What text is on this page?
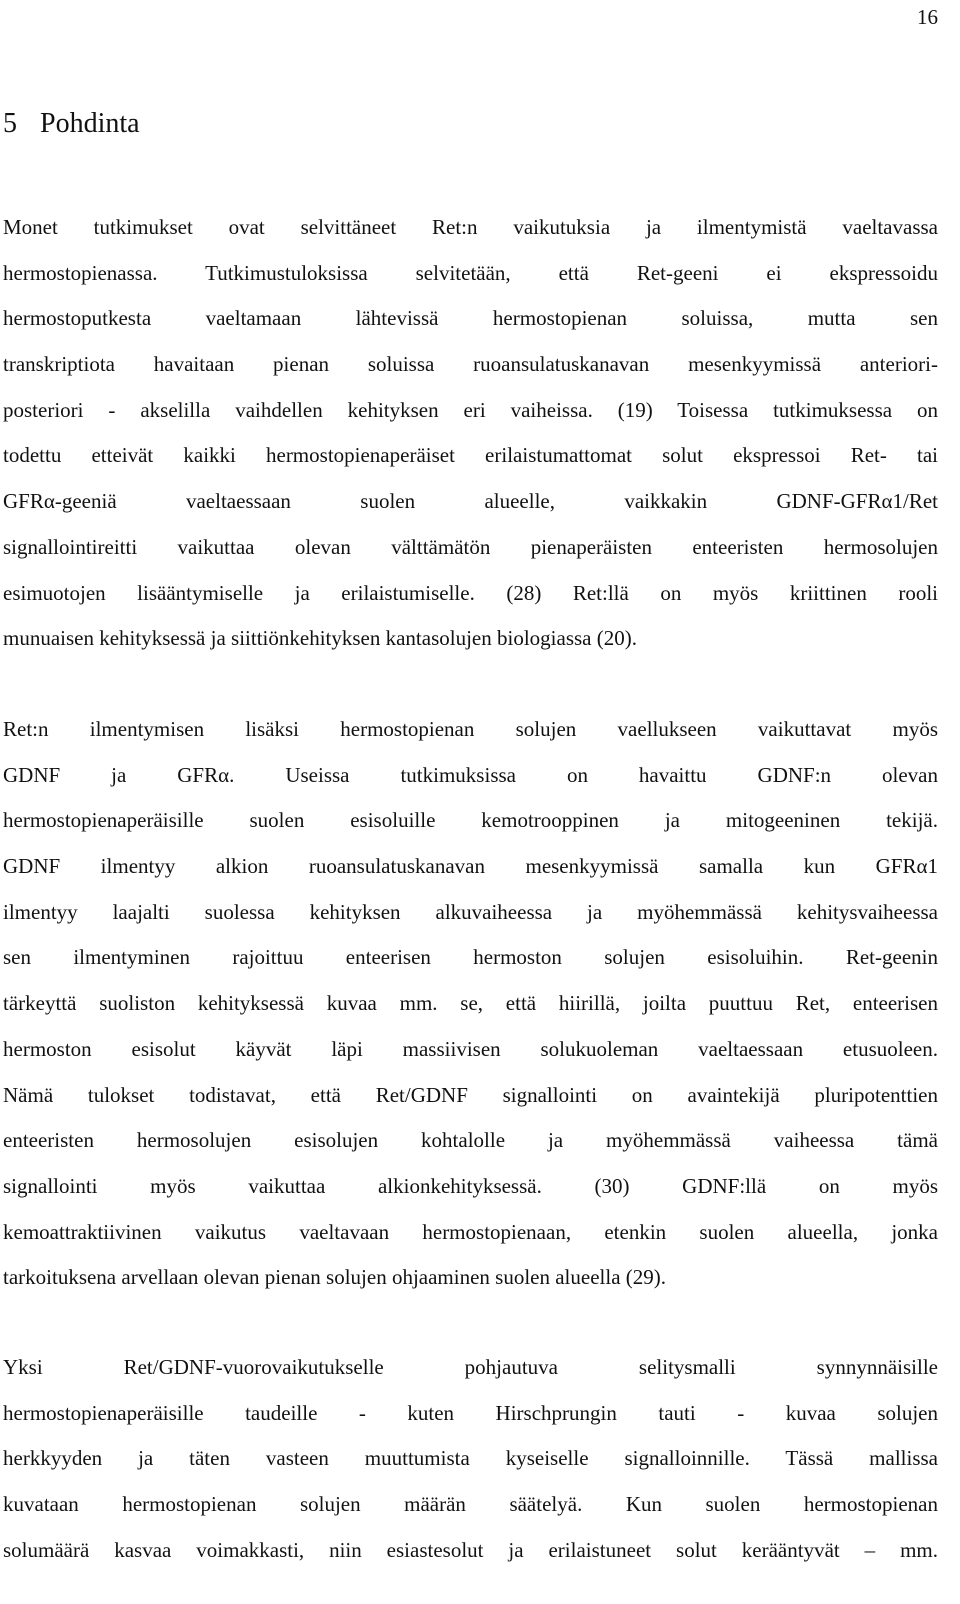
16
5 Pohdinta
Monet tutkimukset ovat selvittäneet Ret:n vaikutuksia ja ilmentymistä vaeltavassa
hermostopienassa. Tutkimustuloksissa selvitetään, että Ret-geeni ei ekspressoidu
hermostoputkesta vaeltamaan lähtevissä hermostopienan soluissa, mutta sen
transkriptiota havaitaan pienan soluissa ruoansulatuskanavan mesenkyymissä anteriori-
posteriori - akselilla vaihdellen kehityksen eri vaiheissa. (19) Toisessa tutkimuksessa on
todettu etteivät kaikki hermostopienaperäiset erilaistumattomat solut ekspressoi Ret- tai
GFRα-geeniä vaeltaessaan suolen alueelle, vaikkakin GDNF-GFRα1/Ret
signallointireitti vaikuttaa olevan välttämätön pienaperäisten enteeristen hermosolujen
esimuotojen lisääntymiselle ja erilaistumiselle. (28) Ret:llä on myös kriittinen rooli
munuaisen kehityksessä ja siittiönkehityksen kantasolujen biologiassa (20).
Ret:n ilmentymisen lisäksi hermostopienan solujen vaellukseen vaikuttavat myös
GDNF ja GFRα. Useissa tutkimuksissa on havaittu GDNF:n olevan
hermostopienaperäisille suolen esisoluille kemotrooppinen ja mitogeeninen tekijä.
GDNF ilmentyy alkion ruoansulatuskanavan mesenkyymissä samalla kun GFRα1
ilmentyy laajalti suolessa kehityksen alkuvaiheessa ja myöhemmässä kehitysvaiheessa
sen ilmentyminen rajoittuu enteerisen hermoston solujen esisoluihin. Ret-geenin
tärkeyttä suoliston kehityksessä kuvaa mm. se, että hiirillä, joilta puuttuu Ret, enteerisen
hermoston esisolut käyvät läpi massiivisen solukuoleman vaeltaessaan etusuoleen.
Nämä tulokset todistavat, että Ret/GDNF signallointi on avaintekijä pluripotenttien
enteeristen hermosolujen esisolujen kohtalolle ja myöhemmässä vaiheessa tämä
signallointi myös vaikuttaa alkionkehityksessä. (30) GDNF:llä on myös
kemoattraktiivinen vaikutus vaeltavaan hermostopienaan, etenkin suolen alueella, jonka
tarkoituksena arvellaan olevan pienan solujen ohjaaminen suolen alueella (29).
Yksi Ret/GDNF-vuorovaikutukselle pohjautuva selitysmalli synnynnäisille
hermostopienaperäisille taudeille - kuten Hirschprungin tauti - kuvaa solujen
herkkyyden ja täten vasteen muuttumista kyseiselle signalloinnille. Tässä mallissa
kuvataan hermostopienan solujen määrän säätelyä. Kun suolen hermostopienan
solumäärä kasvaa voimakkasti, niin esiastesolut ja erilaistuneet solut kerääntyvät – mm.
